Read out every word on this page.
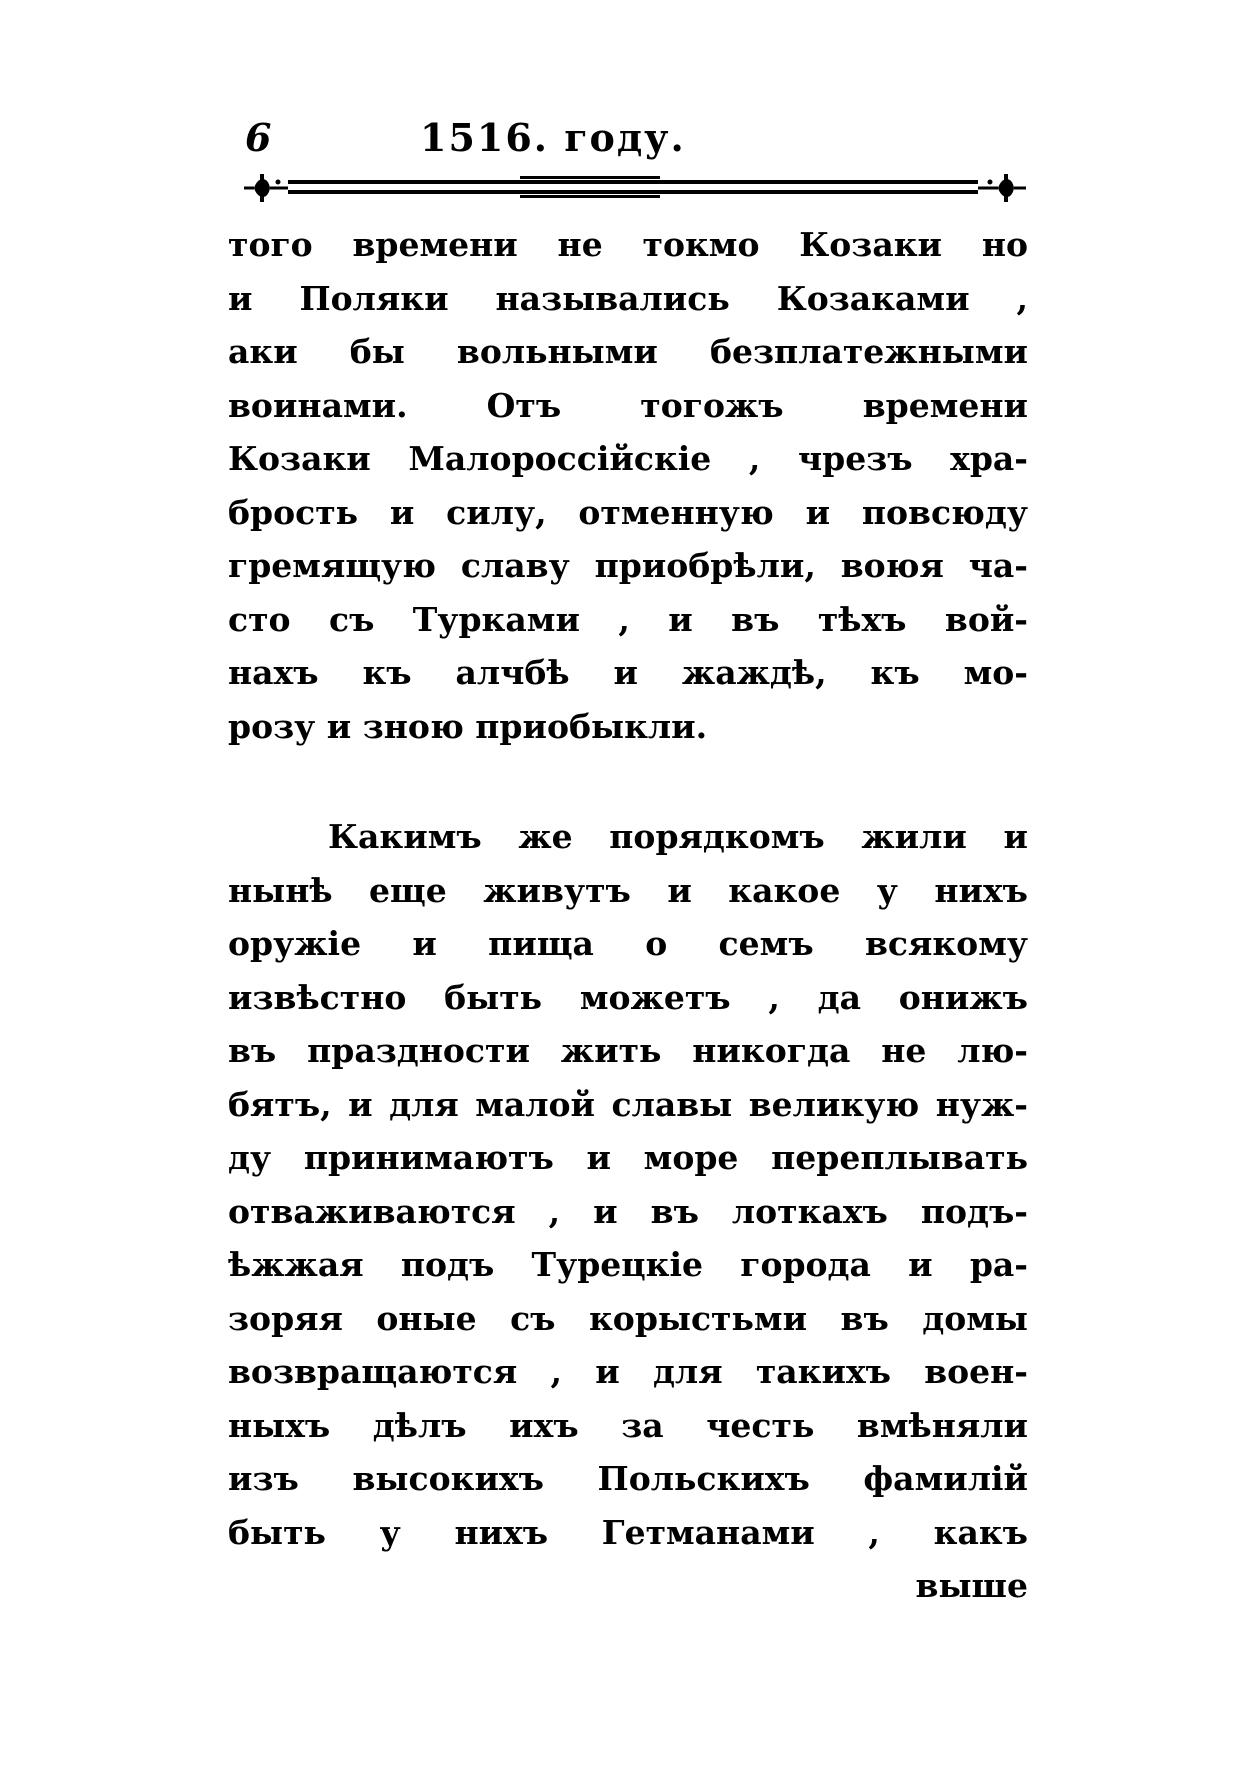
6	1516. году.
того времени не токмо Козаки но
и Поляки назывались Козаками ,
аки бы вольными безплатежными
воинами. Отъ тогожъ времени
Козаки Малороссiйскiе , чрезъ хра-
брость и силу, отменную и повсюду
гремящую славу приобрѣли, воюя ча-
сто съ Турками , и въ тѣхъ вой-
нахъ къ алчбѣ и жаждѣ, къ мо-
розу и зною приобыкли.
Какимъ же порядкомъ жили и
нынѣ еще живутъ и какое у нихъ
оружiе и пища о семъ всякому
извѣстно быть можетъ , да онижъ
въ праздности жить никогда не лю-
бятъ, и для малой славы великую нуж-
ду принимаютъ и море переплывать
отваживаются , и въ лоткахъ подъ-
ѣжжая подъ Турецкiе города и ра-
зоряя оные съ корыстьми въ домы
возвращаются , и для такихъ воен-
ныхъ дѣлъ ихъ за честь вмѣняли
изъ высокихъ Польскихъ фамилiй
быть у нихъ Гетманами , какъ
выше
